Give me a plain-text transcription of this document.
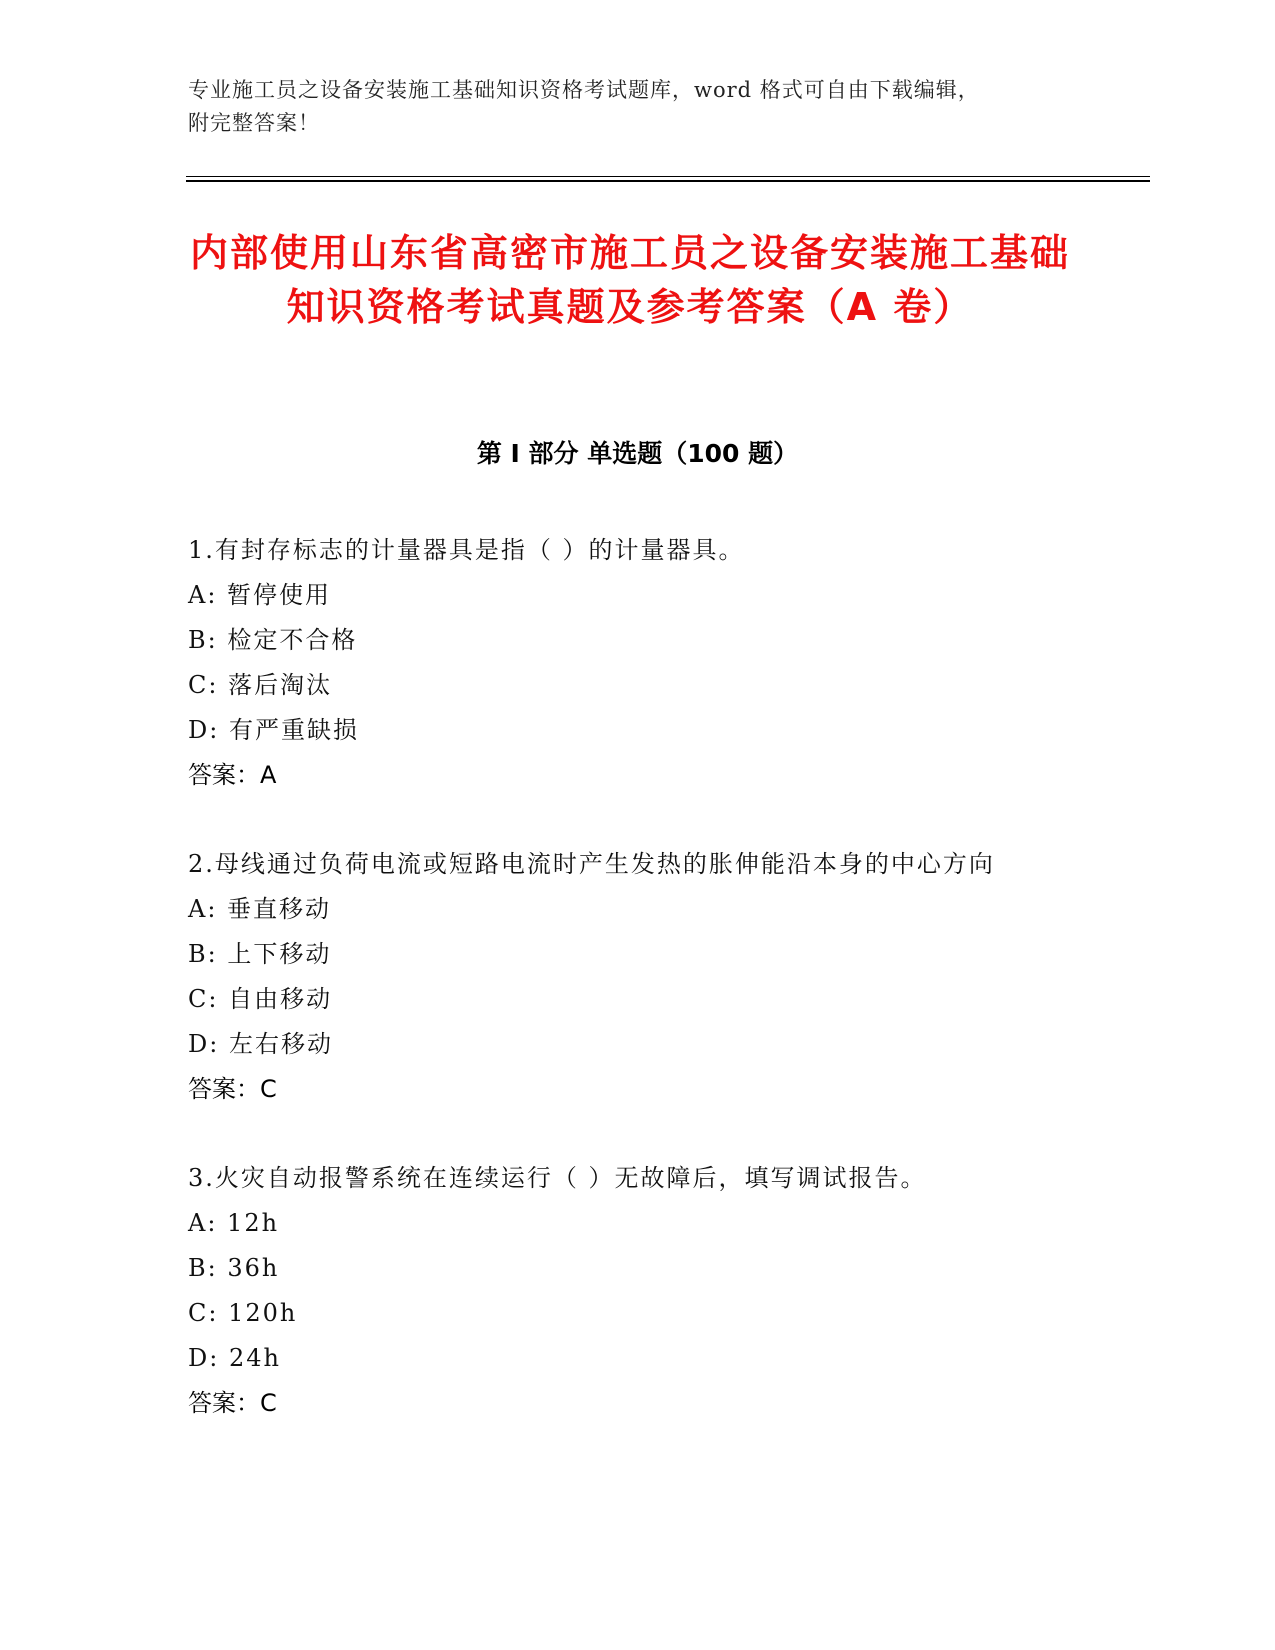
专业施工员之设备安装施工基础知识资格考试题库，word 格式可自由下载编辑，
附完整答案！
内部使用山东省高密市施工员之设备安装施工基础知识资格考试真题及参考答案（A 卷）
第 I 部分 单选题（100 题）
1.有封存标志的计量器具是指（ ）的计量器具。
A: 暂停使用
B: 检定不合格
C: 落后淘汰
D: 有严重缺损
答案：A
2.母线通过负荷电流或短路电流时产生发热的胀伸能沿本身的中心方向
A: 垂直移动
B: 上下移动
C: 自由移动
D: 左右移动
答案：C
3.火灾自动报警系统在连续运行（ ）无故障后，填写调试报告。
A: 12h
B: 36h
C: 120h
D: 24h
答案：C
